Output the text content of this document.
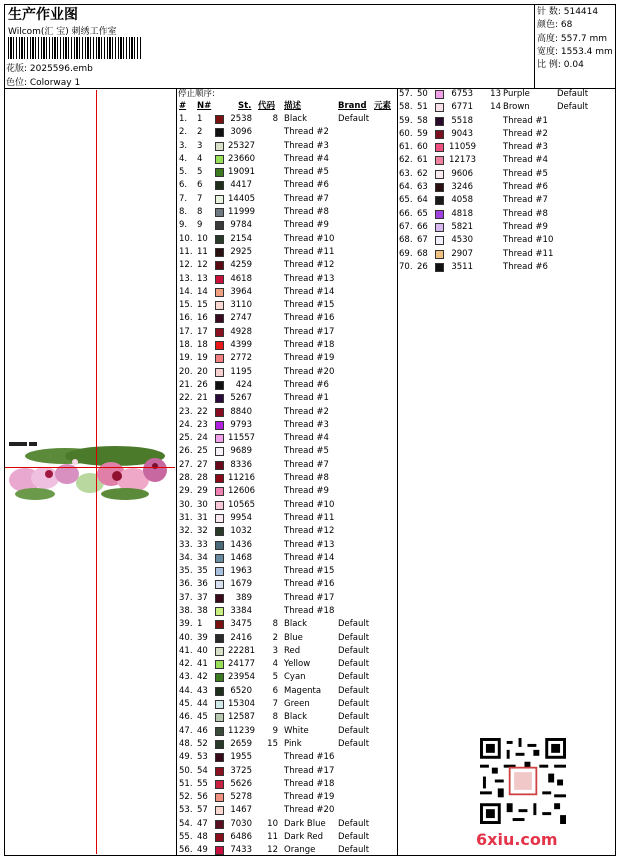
生产作业图
Wilcom(汇 宝) 刺绣工作室
花版: 2025596.emb
色位: Colorway 1
针 数: 514414
颜色: 68
高度: 557.7 mm
宽度: 1553.4 mm
比 例: 0.04
停止顺序:
# N#	St. 代码 描述	Brand 元素
1. 1	2538	8 Black	Default
2. 2	3096	Thread #2
3. 3	25327	Thread #3
4. 4	23660	Thread #4
5. 5	19091	Thread #5
6. 6	4417	Thread #6
7. 7	14405	Thread #7
8. 8	11999	Thread #8
9. 9	9784	Thread #9
10. 10	2154	Thread #10
11. 11	2925	Thread #11
12. 12	4259	Thread #12
13. 13	4618	Thread #13
14. 14	3964	Thread #14
15. 15	3110	Thread #15
16. 16	2747	Thread #16
17. 17	4928	Thread #17
18. 18	4399	Thread #18
19. 19	2772	Thread #19
20. 20	1195	Thread #20
21. 26	424	Thread #6
22. 21	5267	Thread #1
23. 22	8840	Thread #2
24. 23	9793	Thread #3
25. 24 11557	Thread #4
26. 25	9689	Thread #5
27. 27	8336	Thread #7
28. 28 11216	Thread #8
29. 29 12606	Thread #9
30. 30 10565	Thread #10
31. 31	9954	Thread #11
32. 32	1032	Thread #12
33. 33	1436	Thread #13
34. 34	1468	Thread #14
35. 35	1963	Thread #15
36. 36	1679	Thread #16
37. 37	389	Thread #17
38. 38	3384	Thread #18
39. 1	3475	8 Black	Default
40. 39	2416	2 Blue	Default
41. 40 22281	3 Red	Default
42. 41 24177	4 Yellow	Default
43. 42 23954	5 Cyan	Default
44. 43	6520	6 Magenta Default
45. 44 15304	7 Green	Default
46. 45 12587	8 Black	Default
47. 46 11239	9 White	Default
48. 52	2659	15 Pink	Default
49. 53	1955	Thread #16
50. 54	3725	Thread #17
51. 55	5626	Thread #18
52. 56	5278	Thread #19
53. 57	1467	Thread #20
54. 47	7030	10 Dark Blue Default
55. 48	6486	11 Dark Red Default
56. 49	7433	12 Orange	Default
57. 50	6753	13 Purple	Default
58. 51	6771	14 Brown	Default
59. 58	5518	Thread #1
60. 59	9043	Thread #2
61. 60 11059	Thread #3
62. 61 12173	Thread #4
63. 62	9606	Thread #5
64. 63	3246	Thread #6
65. 64	4058	Thread #7
66. 65	4818	Thread #8
67. 66	5821	Thread #9
68. 67	4530	Thread #10
69. 68	2907	Thread #11
70. 26	3511	Thread #6
6xiu.com
